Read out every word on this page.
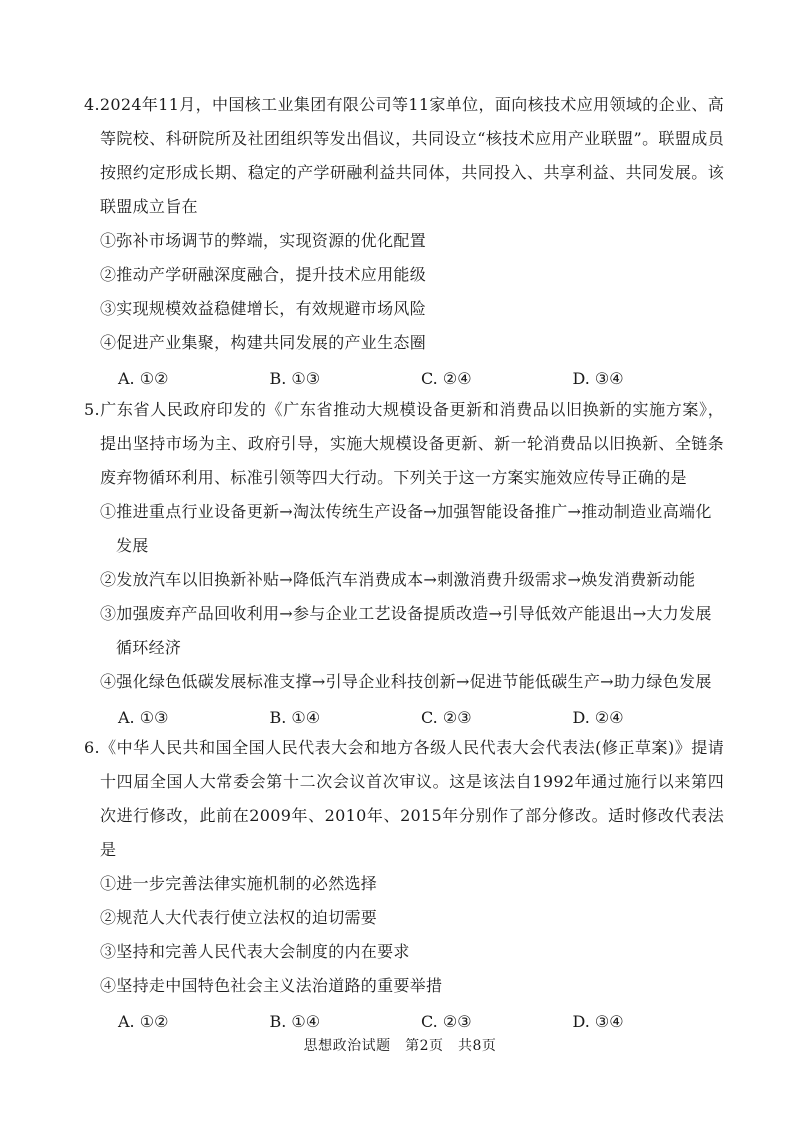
4.2024年11月，中国核工业集团有限公司等11家单位，面向核技术应用领域的企业、高等院校、科研院所及社团组织等发出倡议，共同设立“核技术应用产业联盟”。联盟成员按照约定形成长期、稳定的产学研融利益共同体，共同投入、共享利益、共同发展。该联盟成立旨在

①弥补市场调节的弊端，实现资源的优化配置
②推动产学研融深度融合，提升技术应用能级
③实现规模效益稳健增长，有效规避市场风险
④促进产业集聚，构建共同发展的产业生态圈
A. ①②	B. ①③	C. ②④	D. ③④

5.广东省人民政府印发的《广东省推动大规模设备更新和消费品以旧换新的实施方案》，提出坚持市场为主、政府引导，实施大规模设备更新、新一轮消费品以旧换新、全链条废弃物循环利用、标准引领等四大行动。下列关于这一方案实施效应传导正确的是

①推进重点行业设备更新→淘汰传统生产设备→加强智能设备推广→推动制造业高端化发展
②发放汽车以旧换新补贴→降低汽车消费成本→刺激消费升级需求→焕发消费新动能
③加强废弃产品回收利用→参与企业工艺设备提质改造→引导低效产能退出→大力发展循环经济
④强化绿色低碳发展标准支撑→引导企业科技创新→促进节能低碳生产→助力绿色发展
A. ①③	B. ①④	C. ②③	D. ②④

6.《中华人民共和国全国人民代表大会和地方各级人民代表大会代表法(修正草案)》提请十四届全国人大常委会第十二次会议首次审议。这是该法自1992年通过施行以来第四次进行修改，此前在2009年、2010年、2015年分别作了部分修改。适时修改代表法是

①进一步完善法律实施机制的必然选择
②规范人大代表行使立法权的迫切需要
③坚持和完善人民代表大会制度的内在要求
④坚持走中国特色社会主义法治道路的重要举措
A. ①②	B. ①④	C. ②③	D. ③④
思想政治试题　第2页　共8页
